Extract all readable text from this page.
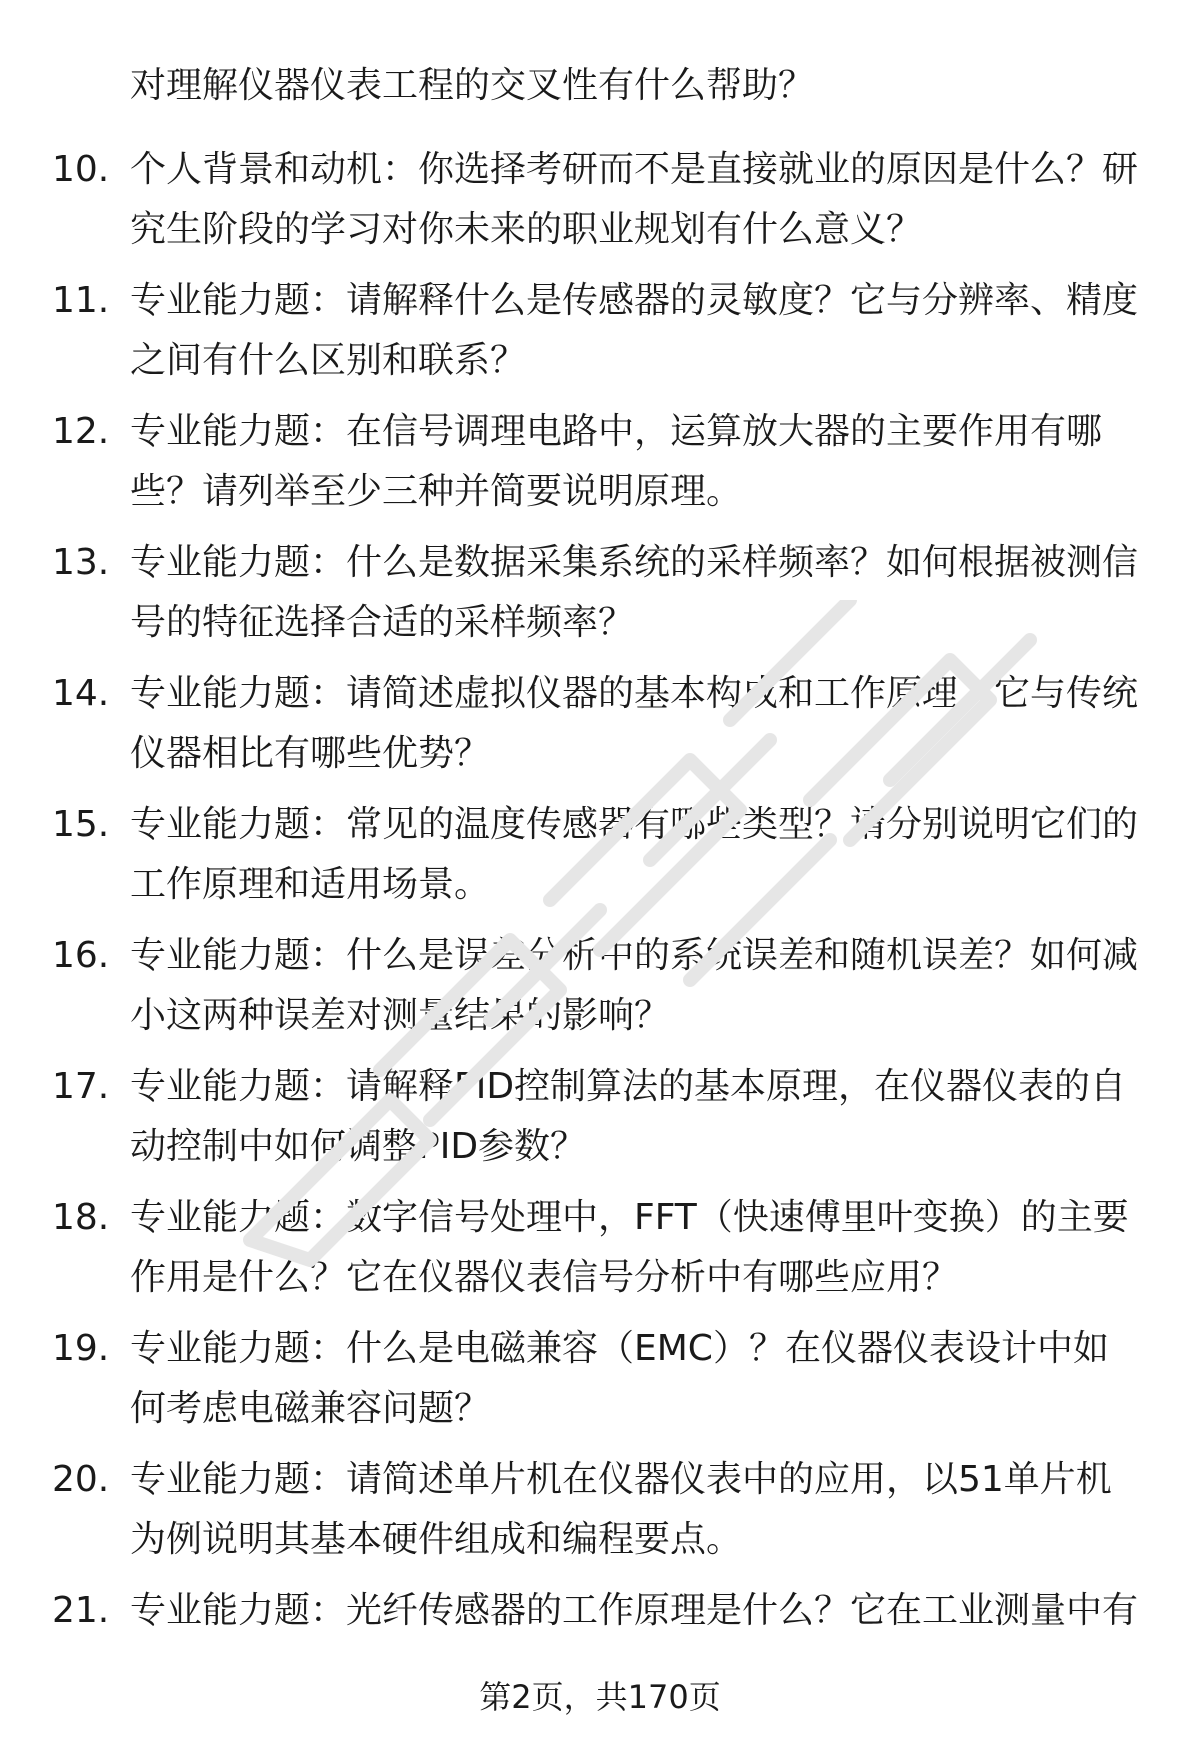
对理解仪器仪表工程的交叉性有什么帮助？
10. 个人背景和动机：你选择考研而不是直接就业的原因是什么？研究生阶段的学习对你未来的职业规划有什么意义？
11. 专业能力题：请解释什么是传感器的灵敏度？它与分辨率、精度之间有什么区别和联系？
12. 专业能力题：在信号调理电路中，运算放大器的主要作用有哪些？请列举至少三种并简要说明原理。
13. 专业能力题：什么是数据采集系统的采样频率？如何根据被测信号的特征选择合适的采样频率？
14. 专业能力题：请简述虚拟仪器的基本构成和工作原理，它与传统仪器相比有哪些优势？
15. 专业能力题：常见的温度传感器有哪些类型？请分别说明它们的工作原理和适用场景。
16. 专业能力题：什么是误差分析中的系统误差和随机误差？如何减小这两种误差对测量结果的影响？
17. 专业能力题：请解释PID控制算法的基本原理，在仪器仪表的自动控制中如何调整PID参数？
18. 专业能力题：数字信号处理中，FFT（快速傅里叶变换）的主要作用是什么？它在仪器仪表信号分析中有哪些应用？
19. 专业能力题：什么是电磁兼容（EMC）？在仪器仪表设计中如何考虑电磁兼容问题？
20. 专业能力题：请简述单片机在仪器仪表中的应用，以51单片机为例说明其基本硬件组成和编程要点。
21. 专业能力题：光纤传感器的工作原理是什么？它在工业测量中有
第2页，共170页
